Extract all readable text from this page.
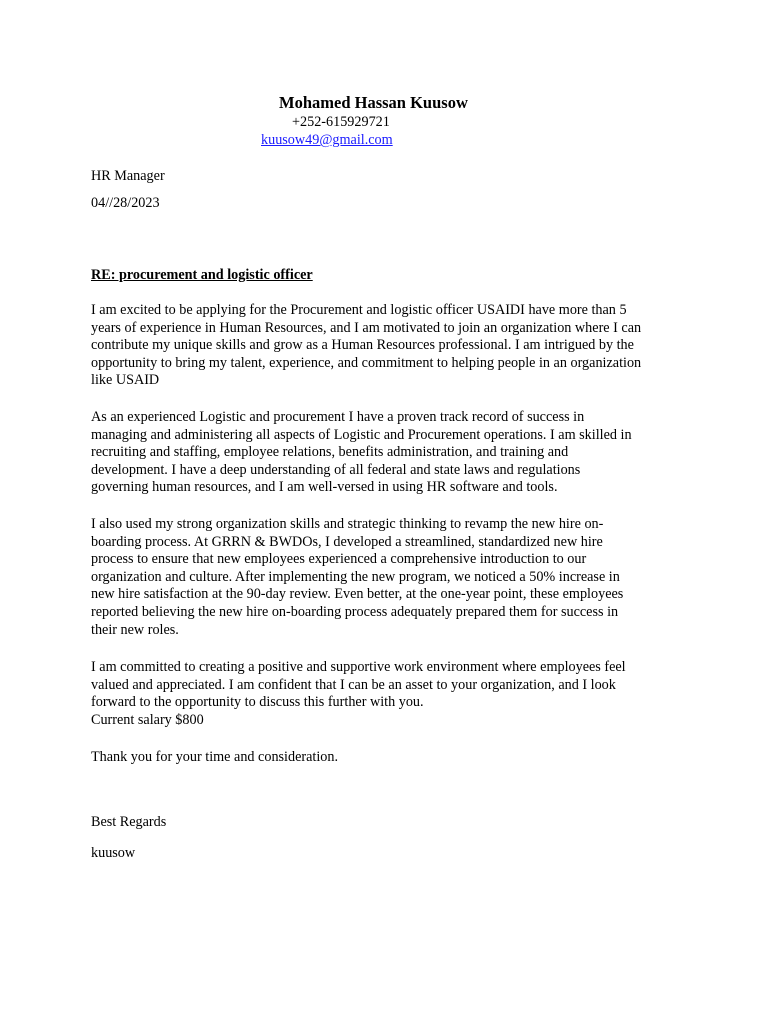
Mohamed Hassan Kuusow
+252-615929721
kuusow49@gmail.com
HR Manager
04//28/2023
RE: procurement and logistic officer
I am excited to be applying for the Procurement and logistic officer USAIDI have more than 5
years of experience in Human Resources, and I am motivated to join an organization where I can
contribute my unique skills and grow as a Human Resources professional. I am intrigued by the
opportunity to bring my talent, experience, and commitment to helping people in an organization
like USAID
As an experienced Logistic and procurement I have a proven track record of success in
managing and administering all aspects of Logistic and Procurement operations. I am skilled in
recruiting and staffing, employee relations, benefits administration, and training and
development. I have a deep understanding of all federal and state laws and regulations
governing human resources, and I am well-versed in using HR software and tools.
I also used my strong organization skills and strategic thinking to revamp the new hire on-
boarding process. At GRRN & BWDOs, I developed a streamlined, standardized new hire
process to ensure that new employees experienced a comprehensive introduction to our
organization and culture. After implementing the new program, we noticed a 50% increase in
new hire satisfaction at the 90-day review. Even better, at the one-year point, these employees
reported believing the new hire on-boarding process adequately prepared them for success in
their new roles.
I am committed to creating a positive and supportive work environment where employees feel
valued and appreciated. I am confident that I can be an asset to your organization, and I look
forward to the opportunity to discuss this further with you.
Current salary $800
Thank you for your time and consideration.
Best Regards
kuusow
